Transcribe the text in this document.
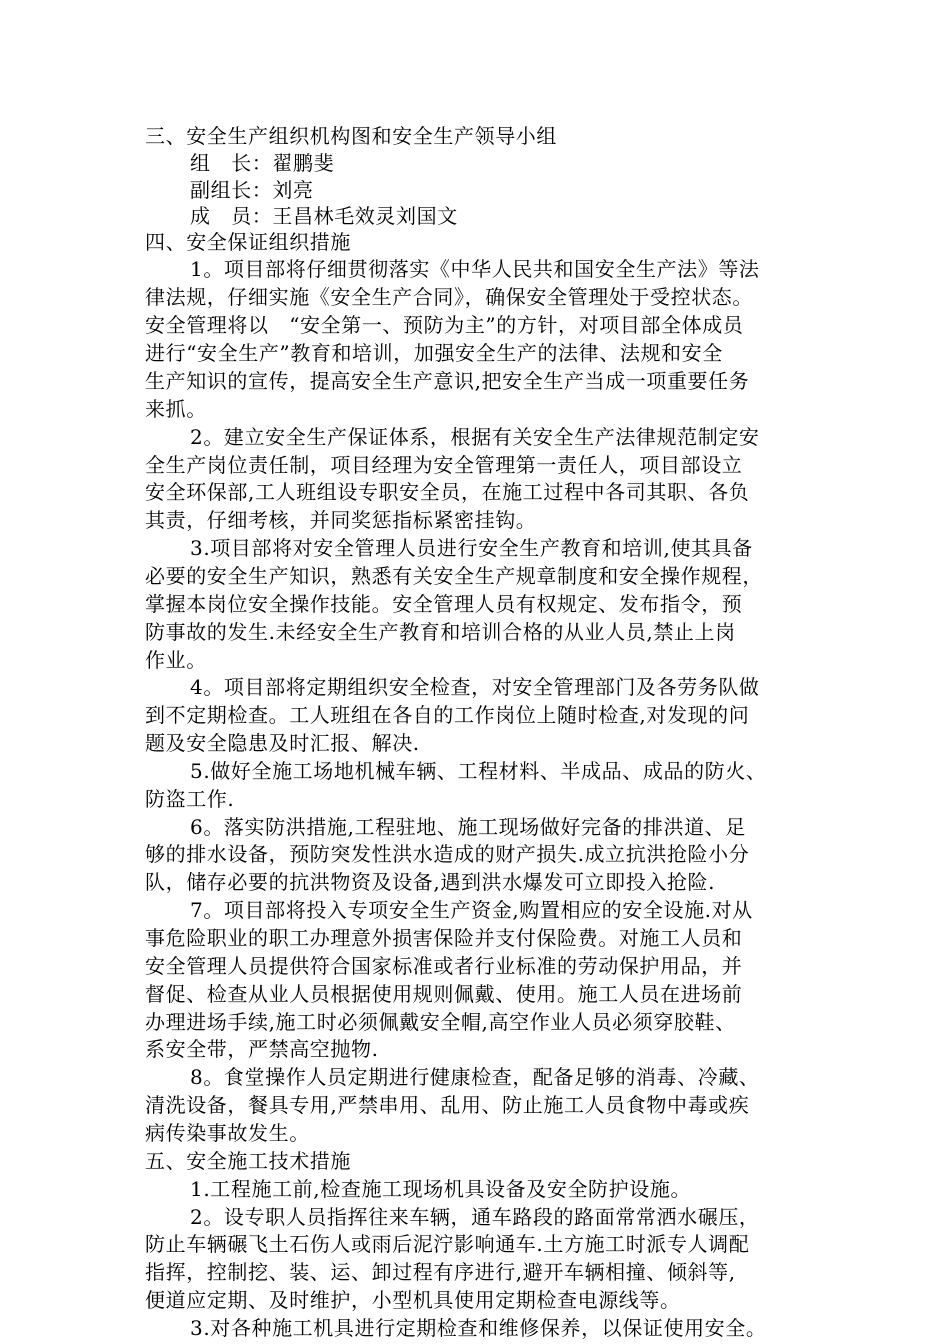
三、安全生产组织机构图和安全生产领导小组
组　长：翟鹏斐
副组长：刘亮
成　员：王昌林毛效灵刘国文
四、安全保证组织措施
1。项目部将仔细贯彻落实《中华人民共和国安全生产法》等法
律法规，仔细实施《安全生产合同》，确保安全管理处于受控状态。
安全管理将以　“安全第一、预防为主”的方针，对项目部全体成员
进行“安全生产”教育和培训，加强安全生产的法律、法规和安全
生产知识的宣传，提高安全生产意识,把安全生产当成一项重要任务
来抓。
2。建立安全生产保证体系，根据有关安全生产法律规范制定安
全生产岗位责任制，项目经理为安全管理第一责任人，项目部设立
安全环保部,工人班组设专职安全员，在施工过程中各司其职、各负
其责，仔细考核，并同奖惩指标紧密挂钩。
3.项目部将对安全管理人员进行安全生产教育和培训,使其具备
必要的安全生产知识，熟悉有关安全生产规章制度和安全操作规程，
掌握本岗位安全操作技能。安全管理人员有权规定、发布指令，预
防事故的发生.未经安全生产教育和培训合格的从业人员,禁止上岗
作业。
4。项目部将定期组织安全检查，对安全管理部门及各劳务队做
到不定期检查。工人班组在各自的工作岗位上随时检查,对发现的问
题及安全隐患及时汇报、解决.
5.做好全施工场地机械车辆、工程材料、半成品、成品的防火、
防盗工作.
6。落实防洪措施,工程驻地、施工现场做好完备的排洪道、足
够的排水设备，预防突发性洪水造成的财产损失.成立抗洪抢险小分
队，储存必要的抗洪物资及设备,遇到洪水爆发可立即投入抢险.
7。项目部将投入专项安全生产资金,购置相应的安全设施.对从
事危险职业的职工办理意外损害保险并支付保险费。对施工人员和
安全管理人员提供符合国家标准或者行业标准的劳动保护用品，并
督促、检查从业人员根据使用规则佩戴、使用。施工人员在进场前
办理进场手续,施工时必须佩戴安全帽,高空作业人员必须穿胶鞋、
系安全带，严禁高空抛物.
8。食堂操作人员定期进行健康检查，配备足够的消毒、冷藏、
清洗设备，餐具专用,严禁串用、乱用、防止施工人员食物中毒或疾
病传染事故发生。
五、安全施工技术措施
1.工程施工前,检查施工现场机具设备及安全防护设施。
2。设专职人员指挥往来车辆，通车路段的路面常常洒水碾压，
防止车辆碾飞土石伤人或雨后泥泞影响通车.土方施工时派专人调配
指挥，控制挖、装、运、卸过程有序进行,避开车辆相撞、倾斜等,
便道应定期、及时维护，小型机具使用定期检查电源线等。
3.对各种施工机具进行定期检查和维修保养，以保证使用安全。
